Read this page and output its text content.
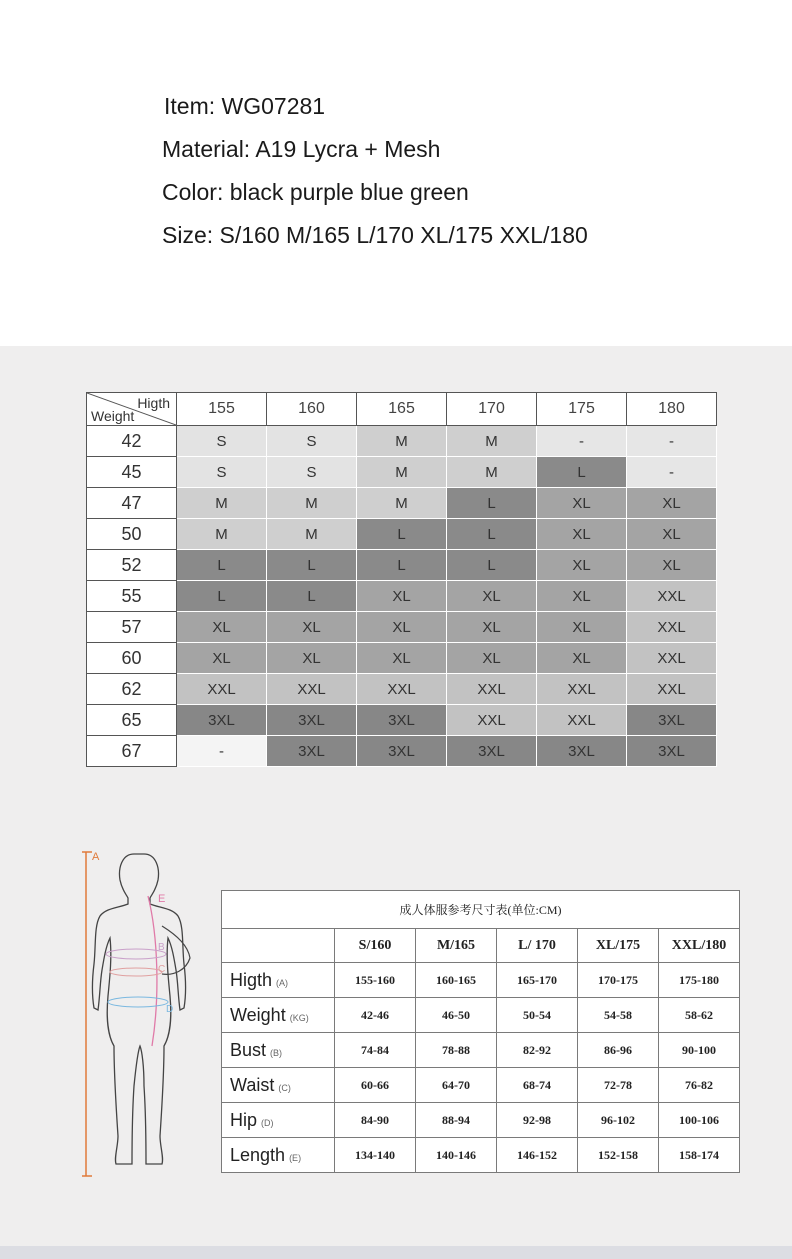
Item: WG07281
Material: A19 Lycra + Mesh
Color: black purple blue green
Size: S/160 M/165 L/170 XL/175 XXL/180
Higth
Weight	155	160	165	170	175	180
42	S	S	M	M	-	-
45	S	S	M	M	L	-
47	M	M	M	L	XL	XL
50	M	M	L	L	XL	XL
52	L	L	L	L	XL	XL
55	L	L	XL	XL	XL	XXL
57	XL	XL	XL	XL	XL	XXL
60	XL	XL	XL	XL	XL	XXL
62	XXL	XXL	XXL	XXL	XXL	XXL
65	3XL	3XL	3XL	XXL	XXL	3XL
67	-	3XL	3XL	3XL	3XL	3XL
A
E
B
C
D
成人体服参考尺寸表(单位:CM)					
	S/160	M/165	L/ 170	XL/175	XXL/180
Higth (A)	155-160	160-165	165-170	170-175	175-180
Weight (KG)	42-46	46-50	50-54	54-58	58-62
Bust (B)	74-84	78-88	82-92	86-96	90-100
Waist (C)	60-66	64-70	68-74	72-78	76-82
Hip (D)	84-90	88-94	92-98	96-102	100-106
Length (E)	134-140	140-146	146-152	152-158	158-174
